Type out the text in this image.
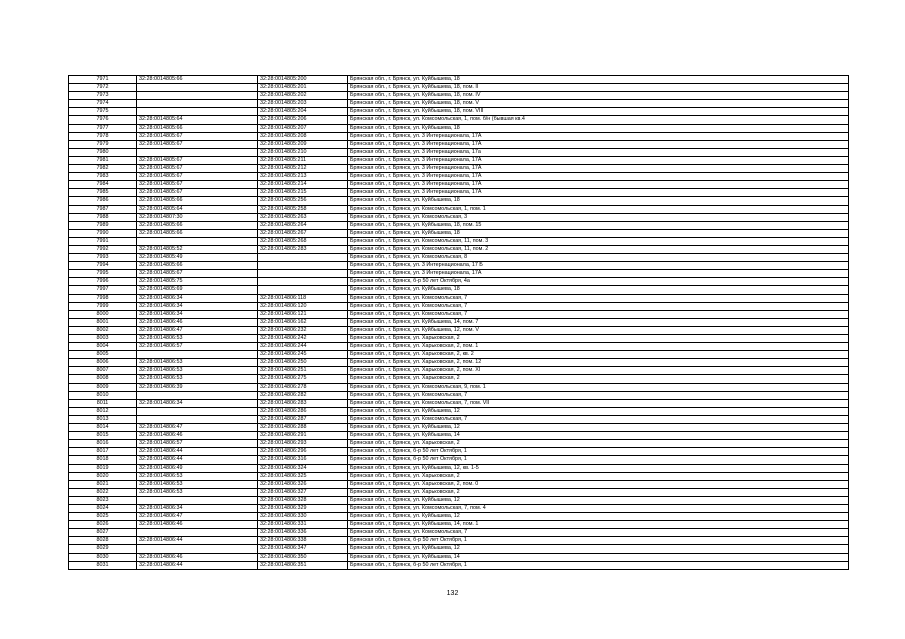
7971	32:28:0014805:66	32:28:0014805:200	Брянская обл., г. Брянск, ул. Куйбышева, 18
7972		32:28:0014805:201	Брянская обл., г. Брянск, ул. Куйбышева, 18, пом. II
7973		32:28:0014805:202	Брянская обл., г. Брянск, ул. Куйбышева, 18, пом. IV
7974		32:28:0014805:203	Брянская обл., г. Брянск, ул. Куйбышева, 18, пом. V
7975		32:28:0014805:204	Брянская обл., г. Брянск, ул. Куйбышева, 18, пом. VIII
7976	32:28:0014805:64	32:28:0014805:206	Брянская обл., г. Брянск, ул. Комсомольская, 1, пом. б/н (бывшая кв.4
7977	32:28:0014805:66	32:28:0014805:207	Брянская обл., г. Брянск, ул. Куйбышева, 18
7978	32:28:0014805:67	32:28:0014805:208	Брянская обл., г. Брянск, ул. 3 Интернационала, 17А
7979	32:28:0014805:67	32:28:0014805:209	Брянская обл., г. Брянск, ул. 3 Интернационала, 17А
7980		32:28:0014805:210	Брянская обл., г. Брянск, ул. 3 Интернационала, 17а
7981	32:28:0014805:67	32:28:0014805:211	Брянская обл., г. Брянск, ул. 3 Интернационала, 17А
7982	32:28:0014805:67	32:28:0014805:212	Брянская обл., г. Брянск, ул. 3 Интернационала, 17А
7983	32:28:0014805:67	32:28:0014805:213	Брянская обл., г. Брянск, ул. 3 Интернационала, 17А
7984	32:28:0014805:67	32:28:0014805:214	Брянская обл., г. Брянск, ул. 3 Интернационала, 17А
7985	32:28:0014805:67	32:28:0014805:215	Брянская обл., г. Брянск, ул. 3 Интернационала, 17А
7986	32:28:0014805:66	32:28:0014805:256	Брянская обл., г. Брянск, ул. Куйбышева, 18
7987	32:28:0014805:64	32:28:0014805:258	Брянская обл., г. Брянск, ул. Комсомольская, 1, пом. 1
7988	32:28:0014807:30	32:28:0014805:263	Брянская обл., г. Брянск, ул. Комсомольская, 3
7989	32:28:0014805:66	32:28:0014805:264	Брянская обл., г. Брянск, ул. Куйбышева, 18, пом. 15
7990	32:28:0014805:66	32:28:0014805:267	Брянская обл., г. Брянск, ул. Куйбышева, 18
7991		32:28:0014805:268	Брянская обл., г. Брянск, ул. Комсомольская, 11, пом. 3
7992	32:28:0014805:52	32:28:0014805:283	Брянская обл., г. Брянск, ул. Комсомольская, 11, пом. 2
7993	32:28:0014805:49		Брянская обл., г. Брянск, ул. Комсомольская, 8
7994	32:28:0014805:66		Брянская обл., г. Брянск, ул. 3 Интернационала, 17 Б
7995	32:28:0014805:67		Брянская обл., г. Брянск, ул. 3 Интернационала, 17А
7996	32:28:0014805:75		Брянская обл., г. Брянск, б-р 50 лет Октября, 4а
7997	32:28:0014805:69		Брянская обл., г. Брянск, ул. Куйбышева, 18
7998	32:28:0014806:34	32:28:0014806:118	Брянская обл., г. Брянск, ул. Комсомольская, 7
7999	32:28:0014806:34	32:28:0014806:120	Брянская обл., г. Брянск, ул. Комсомольская, 7
8000	32:28:0014806:34	32:28:0014806:121	Брянская обл., г. Брянск, ул. Комсомольская, 7
8001	32:28:0014806:46	32:28:0014806:162	Брянская обл., г. Брянск, ул. Куйбышева, 14, пом. 7
8002	32:28:0014806:47	32:28:0014806:232	Брянская обл., г. Брянск, ул. Куйбышева, 12, пом. V
8003	32:28:0014806:53	32:28:0014806:242	Брянская обл., г. Брянск, ул. Харьковская, 2
8004	32:28:0014806:57	32:28:0014806:244	Брянская обл., г. Брянск, ул. Харьковская, 2, пом. 1
8005		32:28:0014806:245	Брянская обл., г. Брянск, ул. Харьковская, 2, кв. 2
8006	32:28:0014806:53	32:28:0014806:250	Брянская обл., г. Брянск, ул. Харьковская, 2, пом. 12
8007	32:28:0014806:53	32:28:0014806:251	Брянская обл., г. Брянск, ул. Харьковская, 2, пом. XI
8008	32:28:0014806:53	32:28:0014806:275	Брянская обл., г. Брянск, ул. Харьковская, 2
8009	32:28:0014806:39	32:28:0014806:278	Брянская обл., г. Брянск, ул. Комсомольская, 9, пом. 1
8010		32:28:0014806:282	Брянская обл., г. Брянск, ул. Комсомольская, 7
8011	32:28:0014806:34	32:28:0014806:283	Брянская обл., г. Брянск, ул. Комсомольская, 7, пом. VII
8012		32:28:0014806:286	Брянская обл., г. Брянск, ул. Куйбышева, 12
8013		32:28:0014806:287	Брянская обл., г. Брянск, ул. Комсомольская, 7
8014	32:28:0014806:47	32:28:0014806:288	Брянская обл., г. Брянск, ул. Куйбышева, 12
8015	32:28:0014806:46	32:28:0014806:291	Брянская обл., г. Брянск, ул. Куйбышева, 14
8016	32:28:0014806:57	32:28:0014806:293	Брянская обл., г. Брянск, ул. Харьковская, 2
8017	32:28:0014806:44	32:28:0014806:296	Брянская обл., г. Брянск, б-р 50 лет Октября, 1
8018	32:28:0014806:44	32:28:0014806:316	Брянская обл., г. Брянск, б-р 50 лет Октября, 1
8019	32:28:0014806:49	32:28:0014806:324	Брянская обл., г. Брянск, ул. Куйбышева, 12, кв. 1-5
8020	32:28:0014806:53	32:28:0014806:325	Брянская обл., г. Брянск, ул. Харьковская, 2
8021	32:28:0014806:53	32:28:0014806:326	Брянская обл., г. Брянск, ул. Харьковская, 2, пом. 0
8022	32:28:0014806:53	32:28:0014806:327	Брянская обл., г. Брянск, ул. Харьковская, 2
8023		32:28:0014806:328	Брянская обл., г. Брянск, ул. Куйбышева, 12
8024	32:28:0014806:34	32:28:0014806:329	Брянская обл., г. Брянск, ул. Комсомольская, 7, пом. 4
8025	32:28:0014806:47	32:28:0014806:330	Брянская обл., г. Брянск, ул. Куйбышева, 12
8026	32:28:0014806:46	32:28:0014806:331	Брянская обл., г. Брянск, ул. Куйбышева, 14, пом. 1
8027		32:28:0014806:336	Брянская обл., г. Брянск, ул. Комсомольская, 7
8028	32:28:0014806:44	32:28:0014806:338	Брянская обл., г. Брянск, б-р 50 лет Октября, 1
8029		32:28:0014806:347	Брянская обл., г. Брянск, ул. Куйбышева, 12
8030	32:28:0014806:46	32:28:0014806:350	Брянская обл., г. Брянск, ул. Куйбышева, 14
8031	32:28:0014806:44	32:28:0014806:351	Брянская обл., г. Брянск, б-р 50 лет Октября, 1
132
